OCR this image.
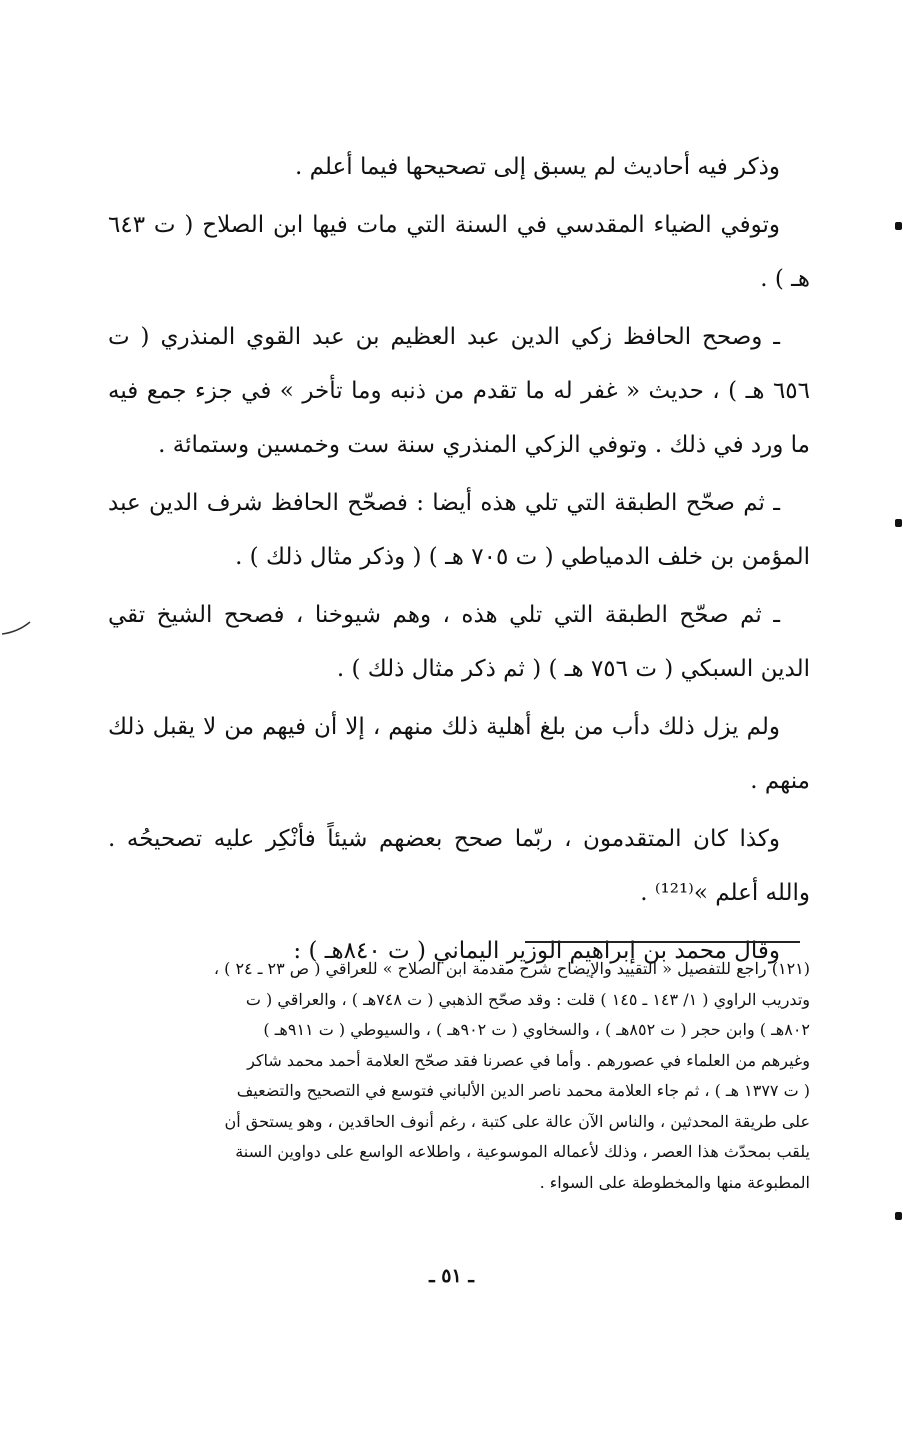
وذكر فيه أحاديث لم يسبق إلى تصحيحها فيما أعلم .

وتوفي الضياء المقدسي في السنة التي مات فيها ابن الصلاح ( ت ٦٤٣ هـ ) .

ـ وصحح الحافظ زكي الدين عبد العظيم بن عبد القوي المنذري ( ت ٦٥٦ هـ ) ، حديث « غفر له ما تقدم من ذنبه وما تأخر » في جزء جمع فيه ما ورد في ذلك . وتوفي الزكي المنذري سنة ست وخمسين وستمائة .

ـ ثم صحّح الطبقة التي تلي هذه أيضا : فصحّح الحافظ شرف الدين عبد المؤمن بن خلف الدمياطي ( ت ٧٠٥ هـ ) ( وذكر مثال ذلك ) .

ـ ثم صحّح الطبقة التي تلي هذه ، وهم شيوخنا ، فصحح الشيخ تقي الدين السبكي ( ت ٧٥٦ هـ ) ( ثم ذكر مثال ذلك ) .

ولم يزل ذلك دأب من بلغ أهلية ذلك منهم ، إلا أن فيهم من لا يقبل ذلك منهم .

وكذا كان المتقدمون ، ربّما صحح بعضهم شيئاً فأنْكِر عليه تصحيحُه . والله أعلم »⁽¹²¹⁾ .

وقال محمد بن إبراهيم الوزير اليماني ( ت ٨٤٠هـ ) :

(١٢١) راجع للتفصيل « التقييد والإيضاح شرح مقدمة ابن الصلاح » للعراقي ( ص ٢٣ ـ ٢٤ ) ،

وتدريب الراوي ( ١/ ١٤٣ ـ ١٤٥ ) قلت : وقد صحّح الذهبي ( ت ٧٤٨هـ ) ، والعراقي ( ت

٨٠٢هـ ) وابن حجر ( ت ٨٥٢هـ ) ، والسخاوي ( ت ٩٠٢هـ ) ، والسيوطي ( ت ٩١١هـ )

وغيرهم من العلماء في عصورهم . وأما في عصرنا فقد صحّح العلامة أحمد محمد شاكر

( ت ١٣٧٧ هـ ) ، ثم جاء العلامة محمد ناصر الدين الألباني فتوسع في التصحيح والتضعيف

على طريقة المحدثين ، والناس الآن عالة على كتبة ، رغم أنوف الحاقدين ، وهو يستحق أن

يلقب بمحدّث هذا العصر ، وذلك لأعماله الموسوعية ، واطلاعه الواسع على دواوين السنة

المطبوعة منها والمخطوطة على السواء .

ـ ٥١ ـ
